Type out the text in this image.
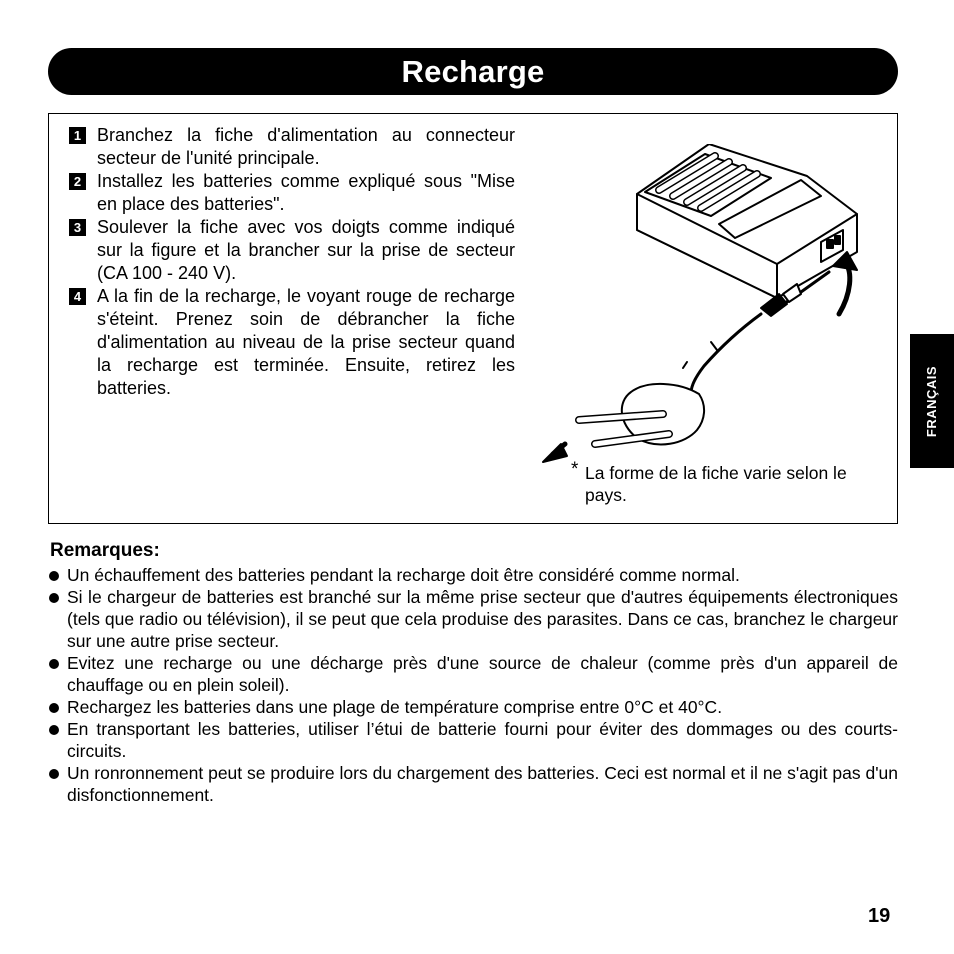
Recharge
1 Branchez la fiche d'alimentation au connecteur secteur de l'unité principale.
2 Installez les batteries comme expliqué sous "Mise en place des batteries".
3 Soulever la fiche avec vos doigts comme indiqué sur la figure et la brancher sur la prise de secteur (CA 100 - 240 V).
4 A la fin de la recharge, le voyant rouge de recharge s'éteint. Prenez soin de débrancher la fiche d'alimentation au niveau de la prise secteur quand la recharge est terminée. Ensuite, retirez les batteries.
* La forme de la fiche varie selon le pays.
Remarques:
Un échauffement des batteries pendant la recharge doit être considéré comme normal.
Si le chargeur de batteries est branché sur la même prise secteur que d'autres équipements électroniques (tels que radio ou télévision), il se peut que cela produise des parasites. Dans ce cas, branchez le chargeur sur une autre prise secteur.
Evitez une recharge ou une décharge près d'une source de chaleur (comme près d'un appareil de chauffage ou en plein soleil).
Rechargez les batteries dans une plage de température comprise entre 0°C et 40°C.
En transportant les batteries, utiliser l’étui de batterie fourni pour éviter des dommages ou des courts-circuits.
Un ronronnement peut se produire lors du chargement des batteries. Ceci est normal et il ne s'agit pas d'un disfonctionnement.
FRANÇAIS
19
